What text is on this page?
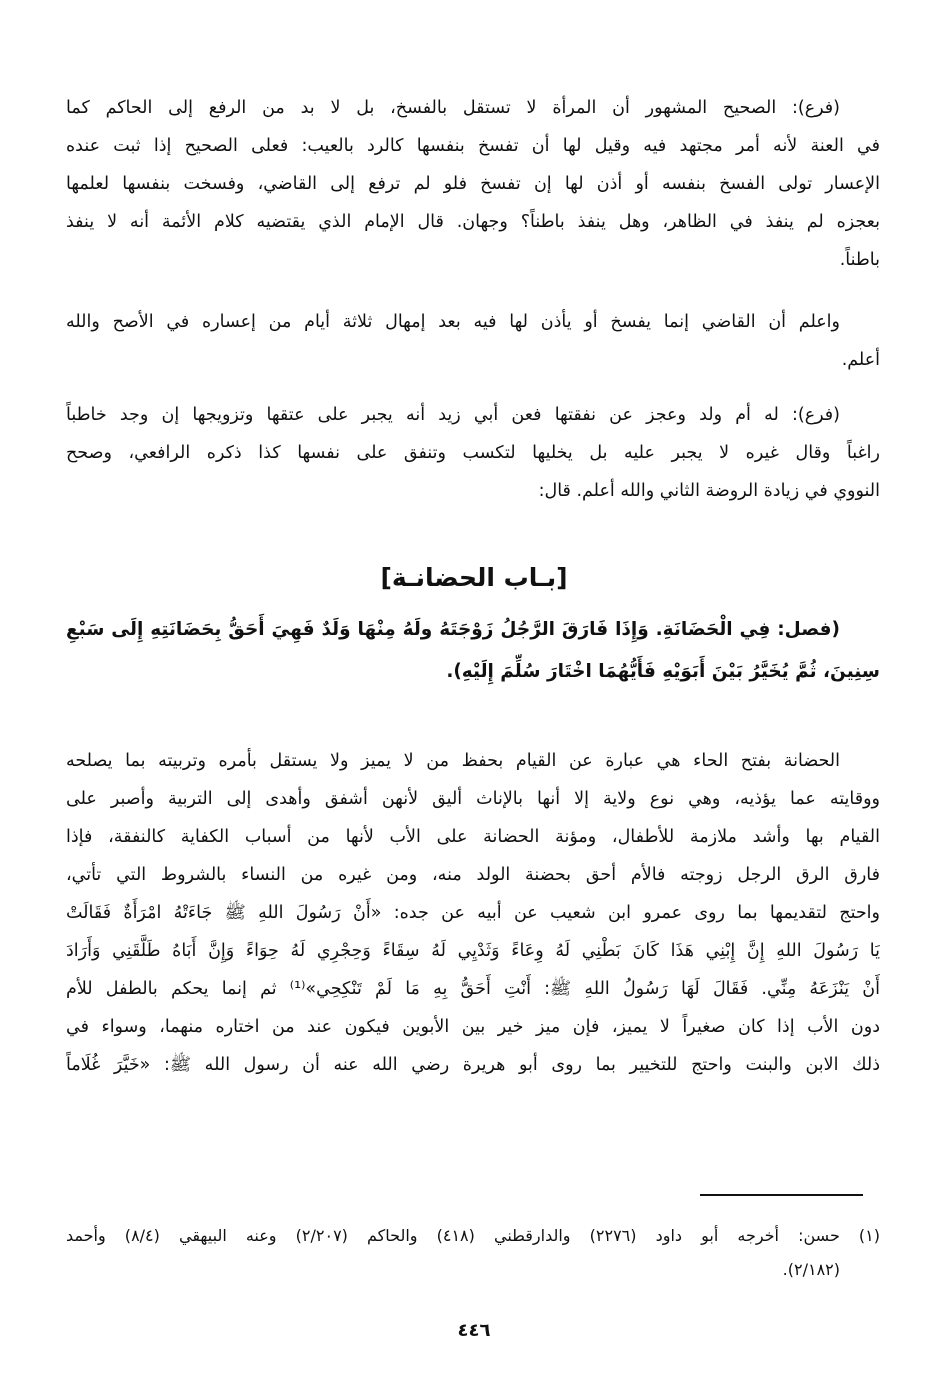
(فرع): الصحيح المشهور أن المرأة لا تستقل بالفسخ، بل لا بد من الرفع إلى الحاكم كما
في العنة لأنه أمر مجتهد فيه وقيل لها أن تفسخ بنفسها كالرد بالعيب: فعلى الصحيح إذا ثبت عنده
الإعسار تولى الفسخ بنفسه أو أذن لها إن تفسخ فلو لم ترفع إلى القاضي، وفسخت بنفسها لعلمها
بعجزه لم ينفذ في الظاهر، وهل ينفذ باطناً؟ وجهان. قال الإمام الذي يقتضيه كلام الأئمة أنه لا ينفذ
باطناً.
واعلم أن القاضي إنما يفسخ أو يأذن لها فيه بعد إمهال ثلاثة أيام من إعساره في الأصح والله
أعلم.
(فرع): له أم ولد وعجز عن نفقتها فعن أبي زيد أنه يجبر على عتقها وتزويجها إن وجد خاطباً
راغباً وقال غيره لا يجبر عليه بل يخليها لتكسب وتنفق على نفسها كذا ذكره الرافعي، وصحح
النووي في زيادة الروضة الثاني والله أعلم. قال:
[بـاب الحضانـة]
(فصل: فِي الْحَضَانَةِ. وَإِذَا فَارَقَ الرَّجُلُ زَوْجَتَهُ ولَهُ مِنْهَا وَلَدٌ فَهِيَ أَحَقُّ بِحَضَانَتِهِ إِلَى سَبْعِ
سِنِينَ، ثُمَّ يُخَيَّرُ بَيْنَ أَبَوَيْهِ فَأَيُّهُمَا اخْتَارَ سُلِّمَ إِلَيْهِ).
الحضانة بفتح الحاء هي عبارة عن القيام بحفظ من لا يميز ولا يستقل بأمره وتربيته بما يصلحه
ووقايته عما يؤذيه، وهي نوع ولاية إلا أنها بالإناث أليق لأنهن أشفق وأهدى إلى التربية وأصبر على
القيام بها وأشد ملازمة للأطفال، ومؤنة الحضانة على الأب لأنها من أسباب الكفاية كالنفقة، فإذا
فارق الرق الرجل زوجته فالأم أحق بحضنة الولد منه، ومن غيره من النساء بالشروط التي تأتي،
واحتج لتقديمها بما روى عمرو ابن شعيب عن أبيه عن جده: «أَنْ رَسُولَ اللهِ ﷺ جَاءَتْهُ امْرَأَةٌ فَقَالَتْ
يَا رَسُولَ اللهِ إِنَّ إِبْنِي هَذَا كَانَ بَطْنِي لَهُ وِعَاءً وَثَدْيِي لَهُ سِقَاءً وَحِجْرِي لَهُ حِوَاءً وَإِنَّ أَبَاهُ طَلَّقَنِي وَأَرَادَ
أَنْ يَنْزَعَهُ مِنِّي. فَقَالَ لَهَا رَسُولُ اللهِ ﷺ: أَنْتِ أَحَقُّ بِهِ مَا لَمْ تَنْكِحِي»⁽¹⁾ ثم إنما يحكم بالطفل للأم
دون الأب إذا كان صغيراً لا يميز، فإن ميز خير بين الأبوين فيكون عند من اختاره منهما، وسواء في
ذلك الابن والبنت واحتج للتخيير بما روى أبو هريرة رضي الله عنه أن رسول الله ﷺ: «خَيَّرَ غُلَاماً
(١) حسن: أخرجه أبو داود (٢٢٧٦) والدارقطني (٤١٨) والحاكم (٢/٢٠٧) وعنه البيهقي (٨/٤) وأحمد
(٢/١٨٢).
٤٤٦
